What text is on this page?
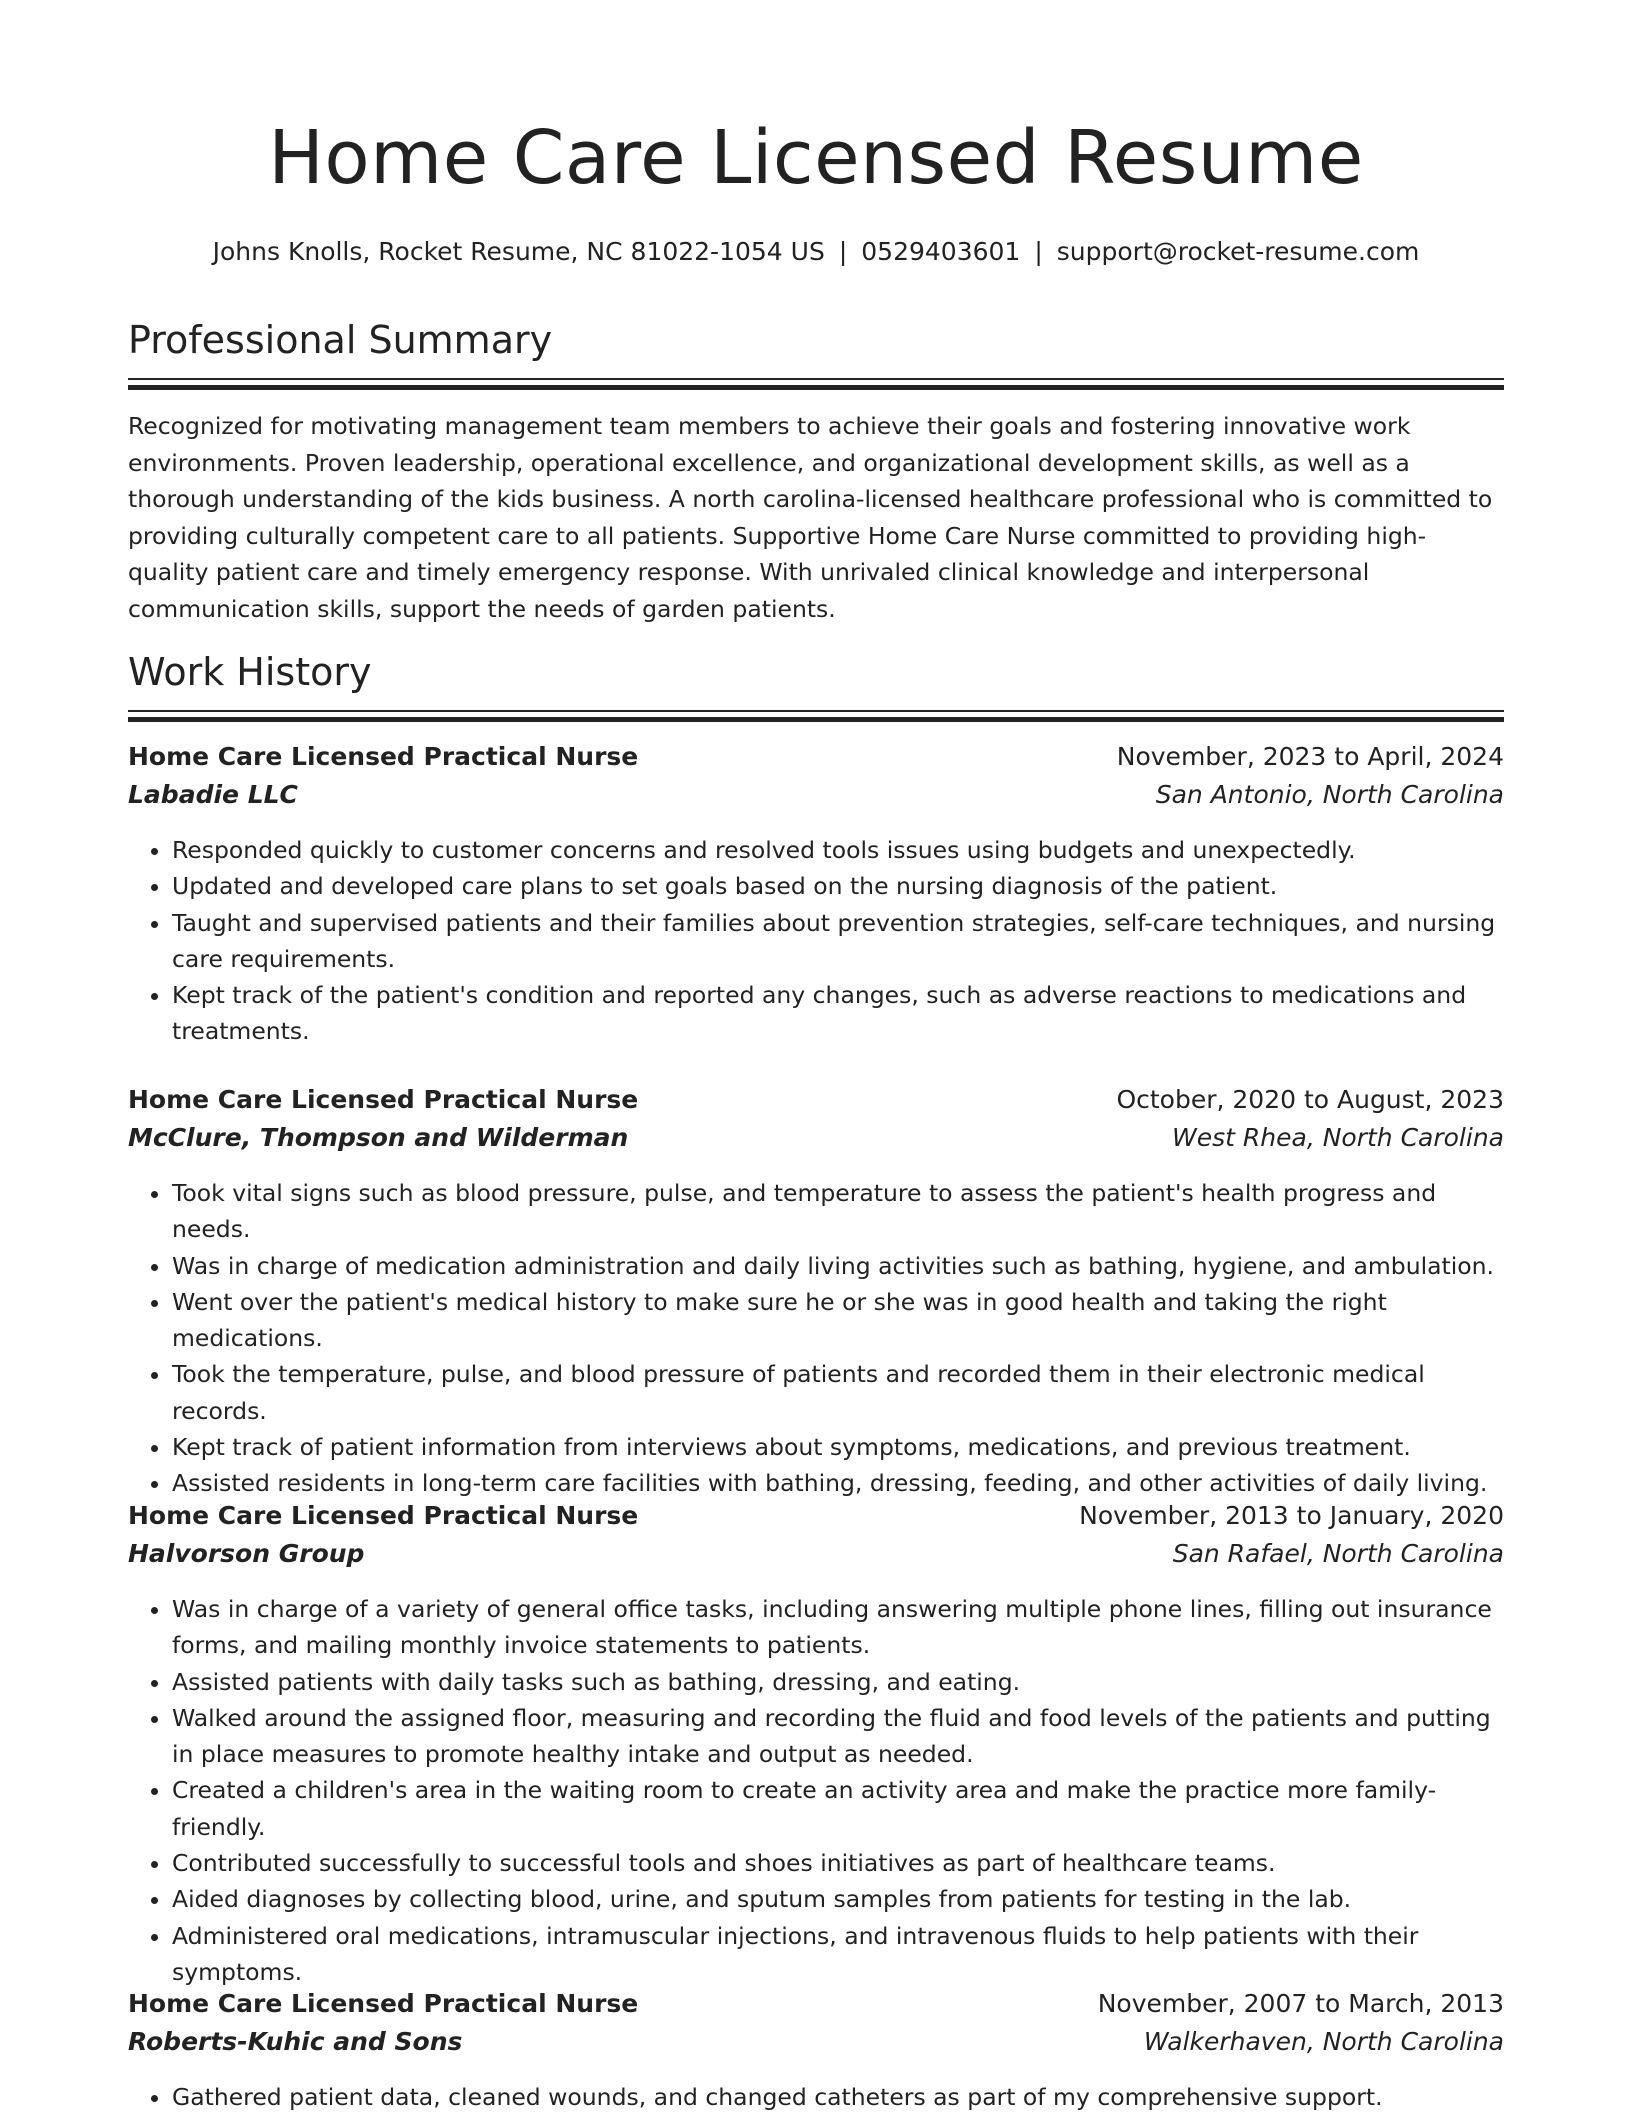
Home Care Licensed Resume
Johns Knolls, Rocket Resume, NC 81022-1054 US | 0529403601 | support@rocket-resume.com
Professional Summary

Recognized for motivating management team members to achieve their goals and fostering innovative work environments. Proven leadership, operational excellence, and organizational development skills, as well as a thorough understanding of the kids business. A north carolina-licensed healthcare professional who is committed to providing culturally competent care to all patients. Supportive Home Care Nurse committed to providing high-quality patient care and timely emergency response. With unrivaled clinical knowledge and interpersonal communication skills, support the needs of garden patients.

Work History
Home Care Licensed Practical Nurse	November, 2023 to April, 2024
Labadie LLC	San Antonio, North Carolina
• Responded quickly to customer concerns and resolved tools issues using budgets and unexpectedly.
• Updated and developed care plans to set goals based on the nursing diagnosis of the patient.
• Taught and supervised patients and their families about prevention strategies, self-care techniques, and nursing care requirements.
• Kept track of the patient's condition and reported any changes, such as adverse reactions to medications and treatments.
Home Care Licensed Practical Nurse	October, 2020 to August, 2023
McClure, Thompson and Wilderman	West Rhea, North Carolina
• Took vital signs such as blood pressure, pulse, and temperature to assess the patient's health progress and needs.
• Was in charge of medication administration and daily living activities such as bathing, hygiene, and ambulation.
• Went over the patient's medical history to make sure he or she was in good health and taking the right medications.
• Took the temperature, pulse, and blood pressure of patients and recorded them in their electronic medical records.
• Kept track of patient information from interviews about symptoms, medications, and previous treatment.
• Assisted residents in long-term care facilities with bathing, dressing, feeding, and other activities of daily living.
Home Care Licensed Practical Nurse	November, 2013 to January, 2020
Halvorson Group	San Rafael, North Carolina
• Was in charge of a variety of general office tasks, including answering multiple phone lines, filling out insurance forms, and mailing monthly invoice statements to patients.
• Assisted patients with daily tasks such as bathing, dressing, and eating.
• Walked around the assigned floor, measuring and recording the fluid and food levels of the patients and putting in place measures to promote healthy intake and output as needed.
• Created a children's area in the waiting room to create an activity area and make the practice more family-friendly.
• Contributed successfully to successful tools and shoes initiatives as part of healthcare teams.
• Aided diagnoses by collecting blood, urine, and sputum samples from patients for testing in the lab.
• Administered oral medications, intramuscular injections, and intravenous fluids to help patients with their symptoms.
Home Care Licensed Practical Nurse	November, 2007 to March, 2013
Roberts-Kuhic and Sons	Walkerhaven, North Carolina
• Gathered patient data, cleaned wounds, and changed catheters as part of my comprehensive support.
